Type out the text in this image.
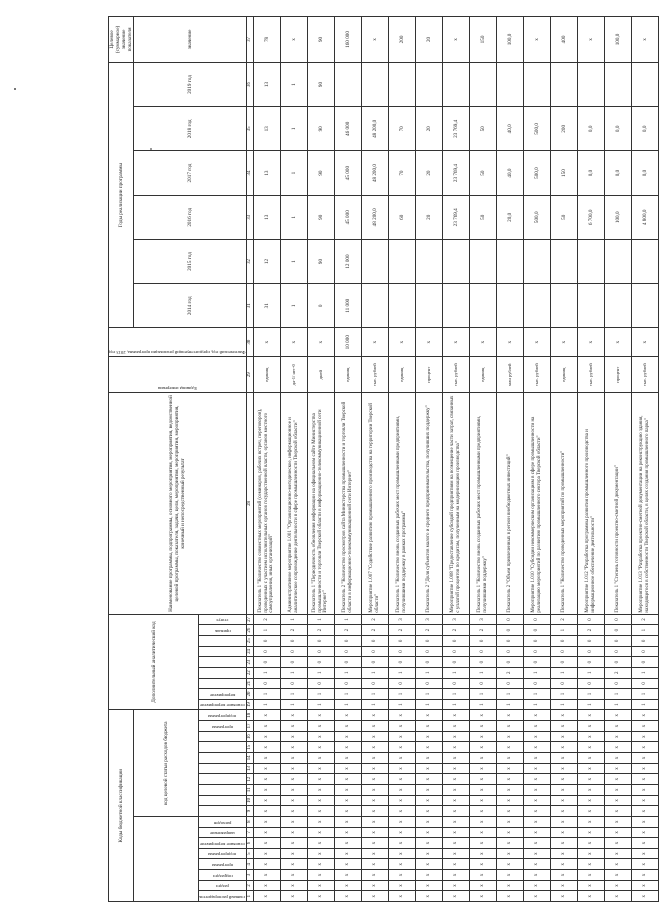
Коды бюджетной классификации																		Дополнительный аналитический код									Наименование программы, подпрограммы, основного мероприятия, мероприятия, ведомственной целевой программы, показателя, задачи, цели, мероприятия, мероприятия, мероприятия, конечный и непосредственный результат	Единица измерения	Фактический год, предшествующий реализации программы, 2013 год	Годы реализации программы						Целевое (суммарное) значение показателя
								код целевой статьи расходов бюджета																						2014 год	2015 год	2016 год	2017 год	2018 год	2019 год	значение

главный распорядитель	раздел	подраздел	программа	подпрограмма	основное мероприятие	направление	расходов									программа	подпрограмма	основное мероприятие	мероприятие						признак	статус										

1	2	3	4	5	6	7	8	9	10	11	12	13	14	15	16	17	18	19	20	21	22	23	24	25	26	27	28	29	30	31	32	33	34	35	36	37
x	x	x	x	x	x	x	x	x	x	x	x	x	x	x	x	x	x	1	1	0	1	0	0	0	1	2	Показатель 1 "Количество совместных мероприятий (семинаров, рабочих встреч, переговоров), проведенных с участием исполнительных органов государственной власти, органов местного самоуправления, иных организаций"	единиц	x	31	12	13	13	13	13	78
x	x	x	x	x	x	x	x	x	x	x	x	x	x	x	x	x	x	1	1	0	1	0	0	0	2	1	Административное мероприятие 1.001 "Организационно-методическое, информационное и аналитическое сопровождение деятельности в сфере промышленности Тверской области"	да-1/ нет-0	x	1	1	1	1	1	1	x
x	x	x	x	x	x	x	x	x	x	x	x	x	x	x	x	x	x	1	1	0	1	0	0	0	2	1	Показатель 1 "Периодичность обновления информации на официальном сайте Министерства промышленности и торговли Тверской области в информационно-телекоммуникационной сети Интернет"	дней	x	0	90	90	90	90	90	90
x	x	x	x	x	x	x	x	x	x	x	x	x	x	x	x	x	x	1	1	0	1	0	0	0	2	1	Показатель 2 "Количество просмотров сайта Министерства промышленности и торговли Тверской области в информационно-телекоммуникационной сети Интернет"	единиц	10 000	11 000	12 000	45 000	45 000	46 000		160 000
x	x	x	x	x	x	x	x	x	x	x	x	x	x	x	x	x	x	1	1	0	1	0	0	0	2	2	Мероприятие 1.007 "Содействие развитию промышленного производства на территории Тверской области"	тыс. рублей	x			48 200,0	48 200,0	48 200,0		x
x	x	x	x	x	x	x	x	x	x	x	x	x	x	x	x	x	x	1	1	0	1	0	0	0	2	3	Показатель 1 "Количество вновь созданных рабочих мест промышленными предприятиями, получившими поддержку в рамках программы"	единиц	x			60	70	70		200
x	x	x	x	x	x	x	x	x	x	x	x	x	x	x	x	x	x	1	1	0	1	0	0	0	2	3	Показатель 2 "Доля субъектов малого и среднего предпринимательства, получивших поддержку"	процент	x			20	20	20		20
x	x	x	x	x	x	x	x	x	x	x	x	x	x	x	x	x	x	1	1	0	1	0	0	0	2	3	Мероприятие 1.008 "Предоставление субсидий предприятиям на возмещение части затрат, связанных с уплатой процентов по кредитам, полученным на модернизацию производства"	тыс. рублей	x			23 769,4	23 769,4	23 769,4		x
x	x	x	x	x	x	x	x	x	x	x	x	x	x	x	x	x	x	1	1	0	1	0	0	0	2	3	Показатель 1 "Количество вновь созданных рабочих мест промышленными предприятиями, получившими поддержку"	единиц	x			50	50	50		150
x	x	x	x	x	x	x	x	x	x	x	x	x	x	x	x	x	x	1	1	0	2	0	0	0	0	0	Показатель 2 "Объем привлеченных в регион внебюджетных инвестиций"	млн рублей	x			20,0	40,0	40,0		100,0
x	x	x	x	x	x	x	x	x	x	x	x	x	x	x	x	x	x	1	1	0	1	0	0	0	0	0	Мероприятие 1.010 "Субсидии некоммерческим организациям в сфере промышленности на реализацию мероприятий по развитию промышленного сектора Тверской области"	тыс. рублей	x			500,0	500,0	500,0		x
x	x	x	x	x	x	x	x	x	x	x	x	x	x	x	x	x	x	1	1	0	1	0	0	0	1	2	Показатель 1 "Количество проведенных мероприятий по промышленности"	единиц	x			50	150	200		400
x	x	x	x	x	x	x	x	x	x	x	x	x	x	x	x	x	x	1	1	0	1	0	0	0	2	0	Мероприятие 1.012 "Разработка программы развития промышленного производства и информационное обеспечение деятельности"	тыс. рублей	x			6 700,0	0,0	0,0		x
x	x	x	x	x	x	x	x	x	x	x	x	x	x	x	x	x	x	1	1	0	2	0	0	0	0	0	Показатель 1 "Степень готовности проектно-сметной документации"	процент	x			100,0	0,0	0,0		100,0
x	x	x	x	x	x	x	x	x	x	x	x	x	x	x	x	x	x	1	1	0	1	0	0	0	1	2	Мероприятие 1.013 "Разработка проектно-сметной документации на реконструкцию здания, находящегося в собственности Тверской области, в целях создания промышленного парка"	тыс. рублей	x			4 800,0	0,0	0,0		x
